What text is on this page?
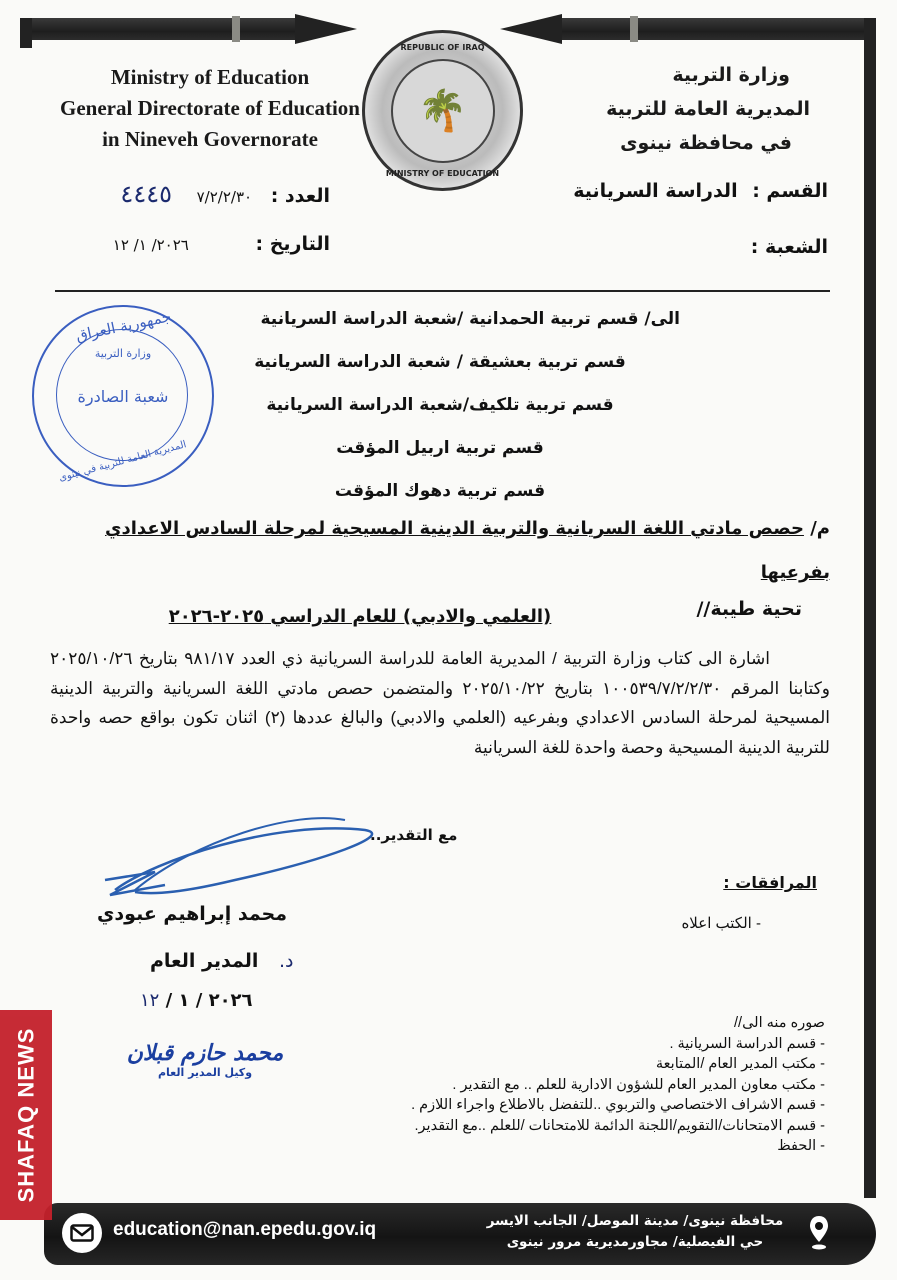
REPUBLIC OF IRAQ
🌴
MINISTRY OF EDUCATION
Ministry of Education
General Directorate of Education
in Nineveh Governorate
وزارة التربية
المديرية العامة للتربية
في محافظة نينوى
العدد : ٧/٢/٢/٣٠ ٤٤٤٥
التاريخ : ٢٠٢٦/ ١/ ١٢
القسم : الدراسة السريانية
الشعبة :
جمهورية العراق
وزارة التربية
شعبة الصادرة
المديرية العامة للتربية في نينوى
الى/ قسم تربية الحمدانية /شعبة الدراسة السريانية
قسم تربية بعشيقة / شعبة الدراسة السريانية
قسم تربية تلكيف/شعبة الدراسة السريانية
قسم تربية اربيل المؤقت
قسم تربية دهوك المؤقت
م/ حصص مادتي اللغة السريانية والتربية الدينية المسيحية لمرحلة السادس الاعدادي بفرعيها
(العلمي والادبي) للعام الدراسي ٢٠٢٥-٢٠٢٦	تحية طيبة//
اشارة الى كتاب وزارة التربية / المديرية العامة للدراسة السريانية ذي العدد ٩٨١/١٧ بتاريخ ٢٠٢٥/١٠/٢٦ وكتابنا المرقم ١٠٠٥٣٩/٧/٢/٢/٣٠ بتاريخ ٢٠٢٥/١٠/٢٢ والمتضمن حصص مادتي اللغة السريانية والتربية الدينية المسيحية لمرحلة السادس الاعدادي وبفرعيه (العلمي والادبي) والبالغ عددها (٢) اثنان تكون بواقع حصه واحدة للتربية الدينية المسيحية وحصة واحدة للغة السريانية
مع التقدير..
محمد إبراهيم عبودي
د. المدير العام
٢٠٢٦ / ١ / ١٢
محمد حازم قبلان
وكيل المدير العام
المرافقات :
- الكتب اعلاه
صوره منه الى//
- قسم الدراسة السريانية .
- مكتب المدير العام /المتابعة
- مكتب معاون المدير العام للشؤون الادارية للعلم .. مع التقدير .
- قسم الاشراف الاختصاصي والتربوي ..للتفضل بالاطلاع واجراء اللازم .
- قسم الامتحانات/التقويم/اللجنة الدائمة للامتحانات /للعلم ..مع التقدير.
- الحفظ
education@nan.epedu.gov.iq	محافظة نينوى/ مدينة الموصل/ الجانب الايسر
حي الفيصلية/ مجاورمديرية مرور نينوى
SHAFAQ NEWS
